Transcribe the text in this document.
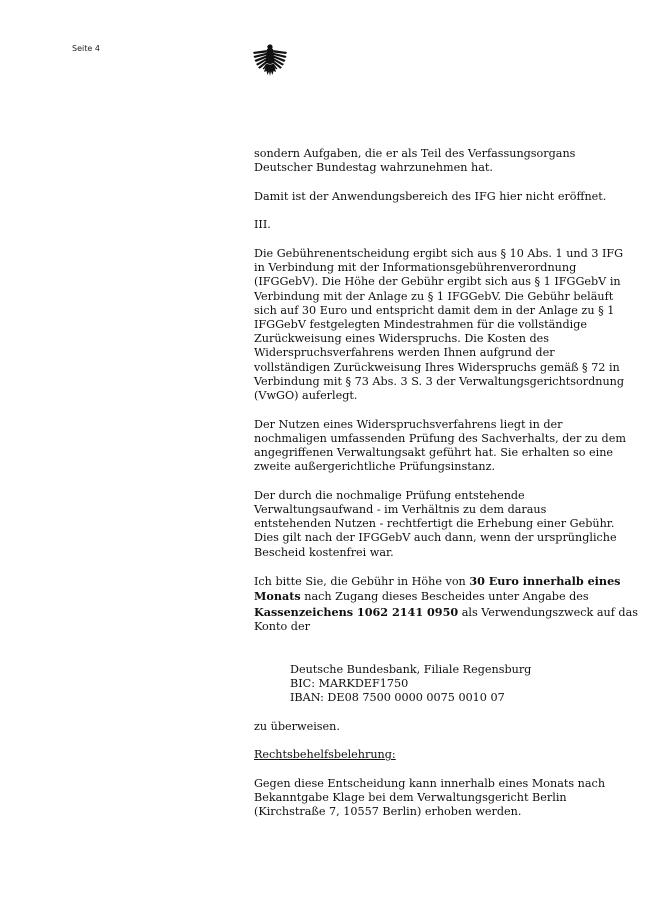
Seite 4

sondern Aufgaben, die er als Teil des Verfassungsorgans
Deutscher Bundestag wahrzunehmen hat.

Damit ist der Anwendungsbereich des IFG hier nicht eröffnet.

III.

Die Gebührenentscheidung ergibt sich aus § 10 Abs. 1 und 3 IFG
in Verbindung mit der Informationsgebührenverordnung
(IFGGebV). Die Höhe der Gebühr ergibt sich aus § 1 IFGGebV in
Verbindung mit der Anlage zu § 1 IFGGebV. Die Gebühr beläuft
sich auf 30 Euro und entspricht damit dem in der Anlage zu § 1
IFGGebV festgelegten Mindestrahmen für die vollständige
Zurückweisung eines Widerspruchs. Die Kosten des
Widerspruchsverfahrens werden Ihnen aufgrund der
vollständigen Zurückweisung Ihres Widerspruchs gemäß § 72 in
Verbindung mit § 73 Abs. 3 S. 3 der Verwaltungsgerichtsordnung
(VwGO) auferlegt.

Der Nutzen eines Widerspruchsverfahrens liegt in der
nochmaligen umfassenden Prüfung des Sachverhalts, der zu dem
angegriffenen Verwaltungsakt geführt hat. Sie erhalten so eine
zweite außergerichtliche Prüfungsinstanz.

Der durch die nochmalige Prüfung entstehende
Verwaltungsaufwand - im Verhältnis zu dem daraus
entstehenden Nutzen - rechtfertigt die Erhebung einer Gebühr.
Dies gilt nach der IFGGebV auch dann, wenn der ursprüngliche
Bescheid kostenfrei war.

Ich bitte Sie, die Gebühr in Höhe von 30 Euro innerhalb eines
Monats nach Zugang dieses Bescheides unter Angabe des
Kassenzeichens 1062 2141 0950 als Verwendungszweck auf das
Konto der

Deutsche Bundesbank, Filiale Regensburg
BIC: MARKDEF1750
IBAN: DE08 7500 0000 0075 0010 07

zu überweisen.

Rechtsbehelfsbelehrung:

Gegen diese Entscheidung kann innerhalb eines Monats nach
Bekanntgabe Klage bei dem Verwaltungsgericht Berlin
(Kirchstraße 7, 10557 Berlin) erhoben werden.
